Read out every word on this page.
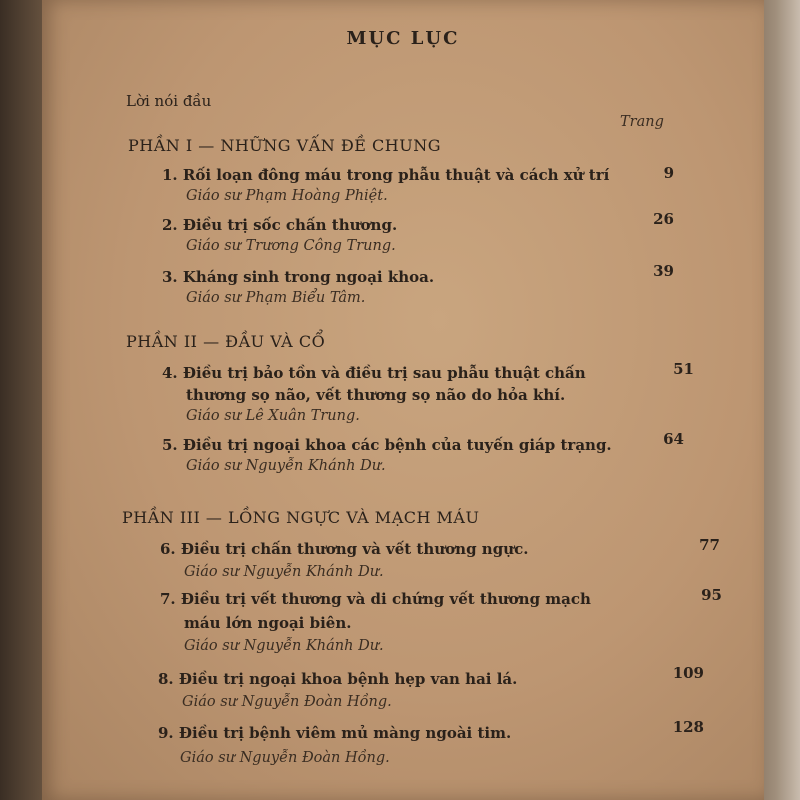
MỤC LỤC
Lời nói đầu
Trang
PHẦN I — NHỮNG VẤN ĐỀ CHUNG
1. Rối loạn đông máu trong phẫu thuật và cách xử trí
Giáo sư Phạm Hoàng Phiệt.
9
2. Điều trị sốc chấn thương.
Giáo sư Trương Công Trung.
26
3. Kháng sinh trong ngoại khoa.
Giáo sư Phạm Biểu Tâm.
39
PHẦN II — ĐẦU VÀ CỔ
4. Điều trị bảo tồn và điều trị sau phẫu thuật chấn
thương sọ não, vết thương sọ não do hỏa khí.
Giáo sư Lê Xuân Trung.
51
5. Điều trị ngoại khoa các bệnh của tuyến giáp trạng.
Giáo sư Nguyễn Khánh Dư.
64
PHẦN III — LỒNG NGỰC VÀ MẠCH MÁU
6. Điều trị chấn thương và vết thương ngực.
Giáo sư Nguyễn Khánh Dư.
77
7. Điều trị vết thương và di chứng vết thương mạch
máu lớn ngoại biên.
Giáo sư Nguyễn Khánh Dư.
95
8. Điều trị ngoại khoa bệnh hẹp van hai lá.
Giáo sư Nguyễn Đoàn Hồng.
109
9. Điều trị bệnh viêm mủ màng ngoài tim.
Giáo sư Nguyễn Đoàn Hồng.
128
